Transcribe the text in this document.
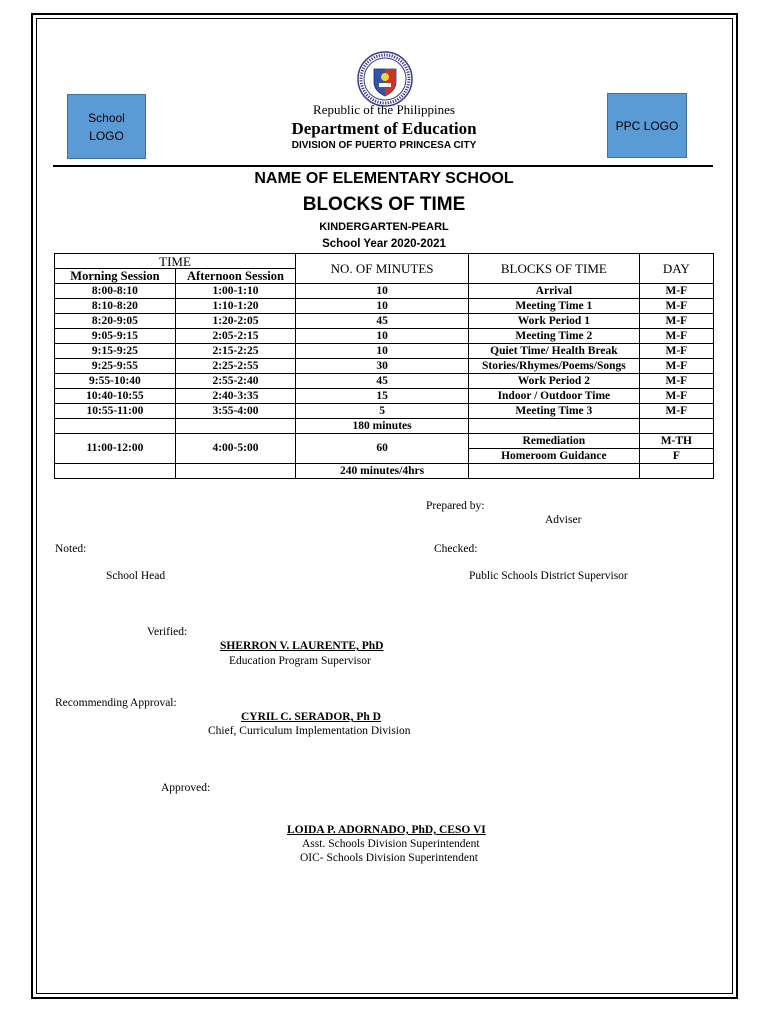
School LOGO
PPC LOGO
Republic of the Philippines
Department of Education
DIVISION OF PUERTO PRINCESA CITY
NAME OF ELEMENTARY SCHOOL
BLOCKS OF TIME
KINDERGARTEN-PEARL
School Year 2020-2021
TIME		NO. OF MINUTES	BLOCKS OF TIME	DAY
Morning Session	Afternoon Session			
8:00-8:10	1:00-1:10	10	Arrival	M-F
8:10-8:20	1:10-1:20	10	Meeting Time 1	M-F
8:20-9:05	1:20-2:05	45	Work Period 1	M-F
9:05-9:15	2:05-2:15	10	Meeting Time 2	M-F
9:15-9:25	2:15-2:25	10	Quiet Time/ Health Break	M-F
9:25-9:55	2:25-2:55	30	Stories/Rhymes/Poems/Songs	M-F
9:55-10:40	2:55-2:40	45	Work Period 2	M-F
10:40-10:55	2:40-3:35	15	Indoor / Outdoor Time	M-F
10:55-11:00	3:55-4:00	5	Meeting Time 3	M-F
		180 minutes		
11:00-12:00	4:00-5:00	60	Remediation	M-TH
			Homeroom Guidance	F
		240 minutes/4hrs		
Prepared by:
Adviser
Noted:	Checked:
School Head	Public Schools District Supervisor
Verified:
SHERRON V. LAURENTE, PhD
Education Program Supervisor
Recommending Approval:
CYRIL C. SERADOR, Ph D
Chief, Curriculum Implementation Division
Approved:
LOIDA P. ADORNADO, PhD, CESO VI
Asst. Schools Division Superintendent
OIC- Schools Division Superintendent
